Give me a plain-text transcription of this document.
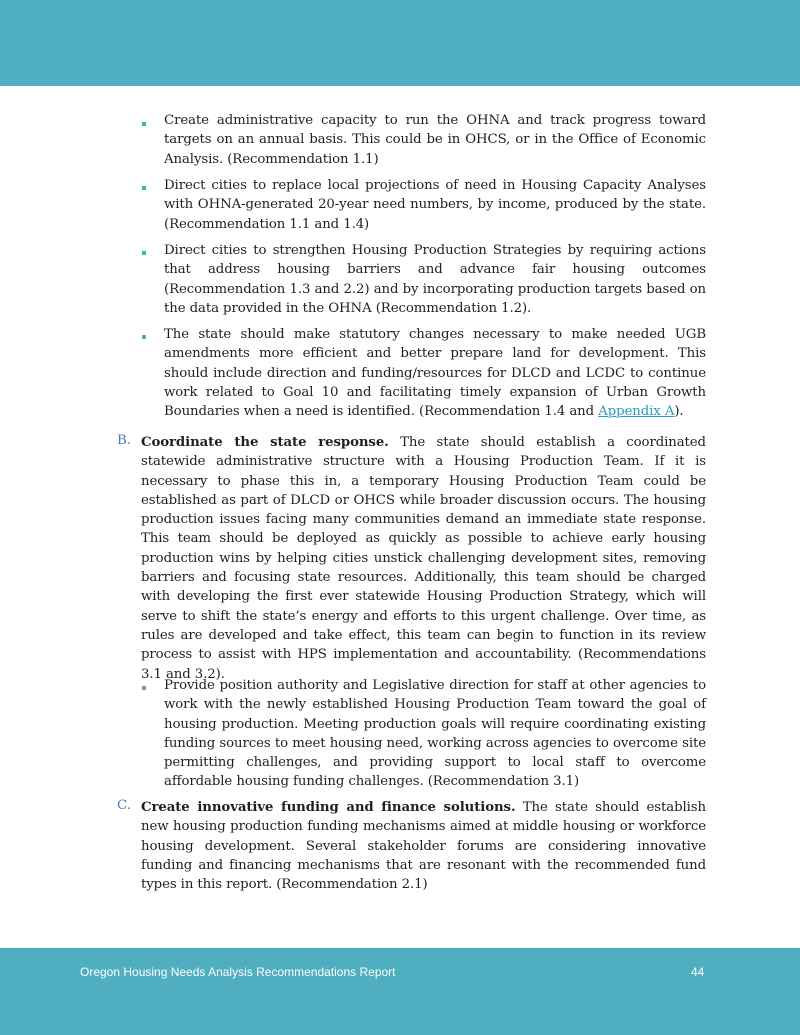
Create administrative capacity to run the OHNA and track progress toward targets on an annual basis. This could be in OHCS, or in the Office of Economic Analysis. (Recommendation 1.1)
Direct cities to replace local projections of need in Housing Capacity Analyses with OHNA-generated 20-year need numbers, by income, produced by the state. (Recommendation 1.1 and 1.4)
Direct cities to strengthen Housing Production Strategies by requiring actions that address housing barriers and advance fair housing outcomes (Recommendation 1.3 and 2.2) and by incorporating production targets based on the data provided in the OHNA (Recommendation 1.2).
The state should make statutory changes necessary to make needed UGB amendments more efficient and better prepare land for development. This should include direction and funding/resources for DLCD and LCDC to continue work related to Goal 10 and facilitating timely expansion of Urban Growth Boundaries when a need is identified. (Recommendation 1.4 and Appendix A).
B. Coordinate the state response. The state should establish a coordinated statewide administrative structure with a Housing Production Team. If it is necessary to phase this in, a temporary Housing Production Team could be established as part of DLCD or OHCS while broader discussion occurs. The housing production issues facing many communities demand an immediate state response. This team should be deployed as quickly as possible to achieve early housing production wins by helping cities unstick challenging development sites, removing barriers and focusing state resources. Additionally, this team should be charged with developing the first ever statewide Housing Production Strategy, which will serve to shift the state’s energy and efforts to this urgent challenge. Over time, as rules are developed and take effect, this team can begin to function in its review process to assist with HPS implementation and accountability. (Recommendations 3.1 and 3.2).
Provide position authority and Legislative direction for staff at other agencies to work with the newly established Housing Production Team toward the goal of housing production. Meeting production goals will require coordinating existing funding sources to meet housing need, working across agencies to overcome site permitting challenges, and providing support to local staff to overcome affordable housing funding challenges. (Recommendation 3.1)
C. Create innovative funding and finance solutions. The state should establish new housing production funding mechanisms aimed at middle housing or workforce housing development. Several stakeholder forums are considering innovative funding and financing mechanisms that are resonant with the recommended fund types in this report. (Recommendation 2.1)
Oregon Housing Needs Analysis Recommendations Report	44
